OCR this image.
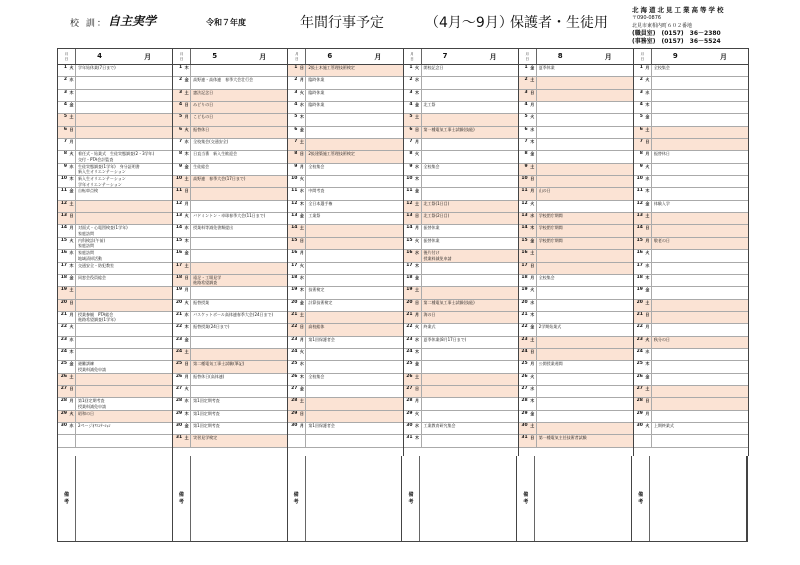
校 訓： 自主実学	令和７年度	年間行事予定	（4月～9月）
保護者・生徒用
北海道北見工業高等学校
〒090-0876
北見市東相内町６０２番地
(職員室)　(0157)　36－2380
(事務室)　(0157)　36－5524
月
日	4	月
1 火	学年始休業(7日まで)
2 水
3 木
4 金
5 土
6 日
7 月
8 火	着任式・始業式　生徒実態調査(2・3学年)
交付・PTA会計監査
9 水	生徒実態調査(1学年)　身分証明書
新入生オリエンテーション
10 木	新入生オリエンテーション
学年オリエンテーション
11 金	自転車点検
12 土
13 日
14 月	対面式・心電図検査(1学年)
家庭訪問
15 火	内科検診(午前)
家庭訪問
16 水	家庭訪問
地域清掃活動
17 木	交通安全・防犯教室
18 金	同窓会役員総会
19 土
20 日
21 月	授業参観　PTA総会
進路希望調査(1学年)
22 火
23 水
24 木
25 金	避難訓練
授業料減免申請
26 土
27 日
28 月	第1回定期考査
授業料減免申請
29 火	昭和の日
30 水	2ページｵﾘｴﾝﾃｰｼｮﾝ
月
日	5	月
1 木
2 金	高野連・高体連　春季大会壮行会
3 土	憲法記念日
4 日	みどりの日
5 月	こどもの日
6 火	振替休日
7 水	全校集会(交通安全)
8 木	日直当番　新入生歓迎会
9 金	生徒総会
10 土	高野連　春季大会(17日まで)
11 日
12 月
13 火	バドミントン・卓球春季大会(11日まで)
14 水	授業料等減免書類提出
15 木
16 金
17 土
18 日	遠足・工場見学
進路希望調査
19 月
20 火	振替授業
21 水	バスケットボール高体連春季大会(24日まで)
22 木	振替授業(24日まで)
23 金
24 土
25 日	第二種電気工事士試験(筆記)
26 月	振替休日(高体連)
27 火
28 水	第1回定期考査
29 木	第1回定期考査
30 金	第1回定期考査
31 土	実習見学検定
月
日	6	月
1 日	2級土木施工管理技術検定
2 月	臨時休業
3 火	臨時休業
4 水	臨時休業
5 木
6 金
7 土
8 日	2級建築施工管理技術検定
9 月	全校集会
10 火
11 水	中間考査
12 木	全日本選手権
13 金	工業祭
14 土
15 日
16 月
17 火
18 水
19 木	技術検定
20 金	計算技術検定
21 土
22 日	高校総体
23 月	第1回保護者会
24 火
25 水
26 木	全校集会
27 金
28 土
29 日
30 月	第1回保護者会
月
日	7	月
1 火	開校記念日
2 水
3 木
4 金	北工祭
5 土
6 日	第一種電気工事士試験(技能)
7 月
8 火
9 水	全校集会
10 木
11 金
12 土	北工祭(1日目)
13 日	北工祭(2日目)
14 月	振替休業
15 火	振替休業
16 水	後片付け
授業料減免申請
17 木
18 金
19 土
20 日	第二種電気工事士試験(技能)
21 月	海の日
22 火	終業式
23 水	夏季休業(8月17日まで)
24 木
25 金
26 土
27 日
28 月
29 火
30 水	工業教育研究集会
31 木
月
日	8	月
1 金	夏季休業
2 土
3 日
4 月
5 火
6 水
7 木
8 金
9 土
10 日
11 月	山の日
12 火
13 水	学校閉庁期間
14 木	学校閉庁期間
15 金	学校閉庁期間
16 土
17 日
18 月	全校集会
19 火
20 水
21 木
22 金	2学期始業式
23 土
24 日
25 月	公開授業週間
26 火
27 水
28 木
29 金
30 土
31 日	第一種電気主任技術者試験
月
日	9	月
1 月	全校集会
2 火
3 水
4 木
5 金
6 土
7 日
8 月	振替休日
9 火
10 水
11 木
12 金	体験入学
13 土
14 日
15 月	敬老の日
16 火
17 水
18 木
19 金
20 土
21 日
22 月
23 火	秋分の日
24 水
25 木
26 金
27 土
28 日
29 月
30 火	上期終業式
備
考
備
考
備
考
備
考
備
考
備
考
